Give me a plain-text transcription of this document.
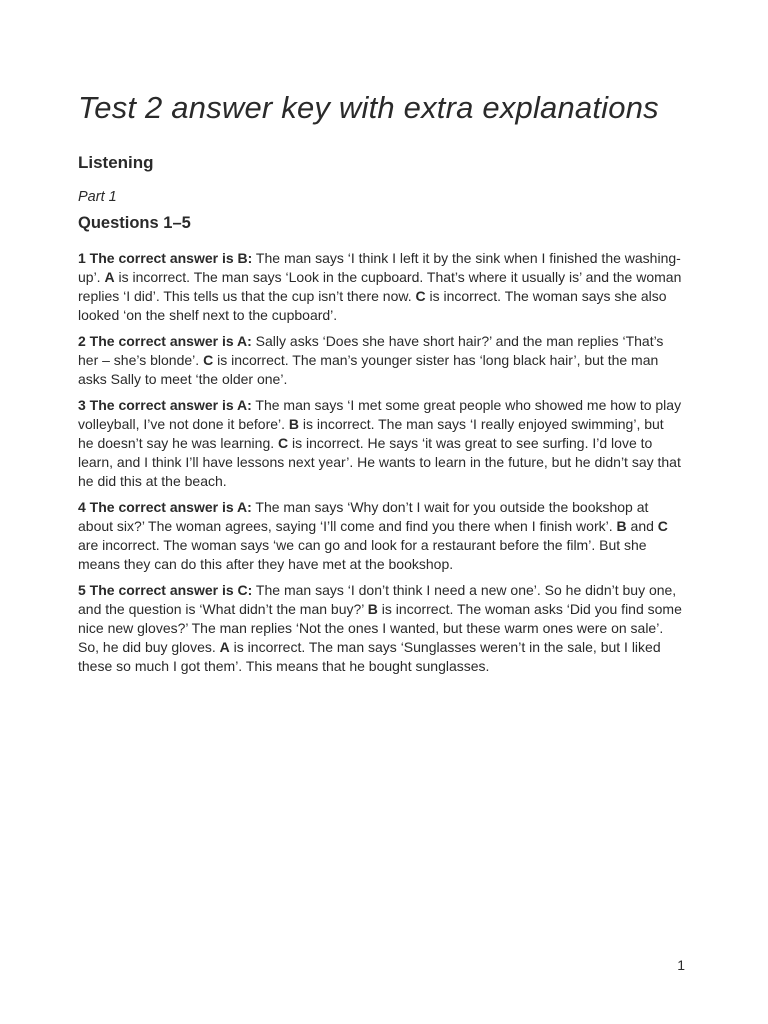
Test 2 answer key with extra explanations
Listening
Part 1
Questions 1–5

1 The correct answer is B: The man says ‘I think I left it by the sink when I finished the washing-up’. A is incorrect. The man says ‘Look in the cupboard. That’s where it usually is’ and the woman replies ‘I did’. This tells us that the cup isn’t there now. C is incorrect. The woman says she also looked ‘on the shelf next to the cupboard’.

2 The correct answer is A: Sally asks ‘Does she have short hair?’ and the man replies ‘That’s her – she’s blonde’. C is incorrect. The man’s younger sister has ‘long black hair’, but the man asks Sally to meet ‘the older one’.

3 The correct answer is A: The man says ‘I met some great people who showed me how to play volleyball, I’ve not done it before’. B is incorrect. The man says ‘I really enjoyed swimming’, but he doesn’t say he was learning. C is incorrect. He says ‘it was great to see surfing. I’d love to learn, and I think I’ll have lessons next year’. He wants to learn in the future, but he didn’t say that he did this at the beach.

4 The correct answer is A: The man says ‘Why don’t I wait for you outside the bookshop at about six?’ The woman agrees, saying ‘I’ll come and find you there when I finish work’. B and C are incorrect. The woman says ‘we can go and look for a restaurant before the film’. But she means they can do this after they have met at the bookshop.

5 The correct answer is C: The man says ‘I don’t think I need a new one’. So he didn’t buy one, and the question is ‘What didn’t the man buy?’ B is incorrect. The woman asks ‘Did you find some nice new gloves?’ The man replies ‘Not the ones I wanted, but these warm ones were on sale’. So, he did buy gloves. A is incorrect. The man says ‘Sunglasses weren’t in the sale, but I liked these so much I got them’. This means that he bought sunglasses.

1
